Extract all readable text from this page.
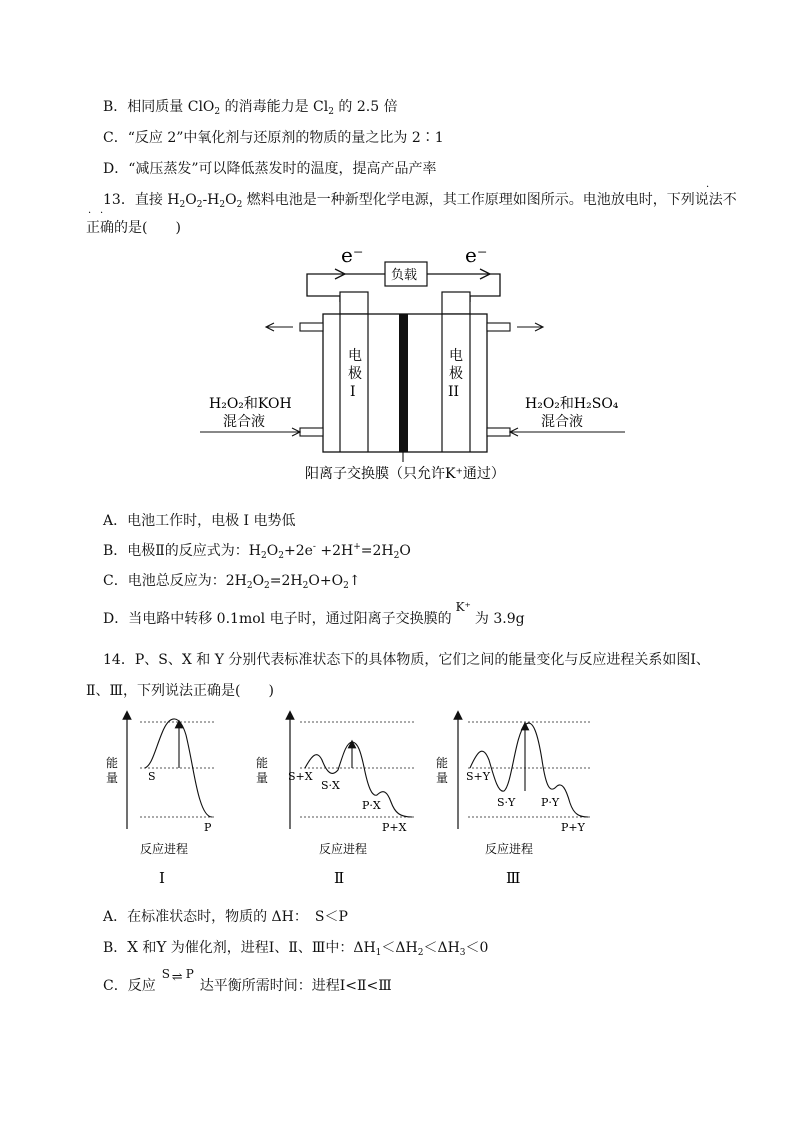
B．相同质量 ClO$_2$ 的消毒能力是 $Cl_2$ 的 2.5 倍
C．“反应 2”中氧化剂与还原剂的物质的量之比为 2∶1
D．“减压蒸发”可以降低蒸发时的温度，提高产品产率
13．直接 $H_2O_2-H_2O_2$ 燃料电池是一种新型化学电源，其工作原理如图所示。电池放电时，下列说法不
·
· ·
正确的是(　　)
e⁻	e⁻
负载
电
极
I
电
极
II
H₂O₂和KOH
混合液
H₂O₂和H₂SO₄
混合液
阳离子交换膜（只允许K⁺通过）
A．电池工作时，电极 I 电势低
B．电极Ⅱ的反应式为：$H_2O_2+2e^- +2H^+=2H_2O$
C．电池总反应为：$2H_2O_2=2H_2O+O_2↑$
D．当电路中转移 0.1mol 电子时，通过阳离子交换膜的K⁺为 3.9g
14．P、S、X 和 Y 分别代表标准状态下的具体物质，它们之间的能量变化与反应进程关系如图Ⅰ、
Ⅱ、Ⅲ，下列说法正确是(　　)
能
量	S
P
反应进程
Ⅰ
能
量 S+X
S·X
P·X
P+X
反应进程
Ⅱ
能
量 S+Y
S·Y P·Y
P+Y
反应进程
Ⅲ
A．在标准状态时，物质的 ΔH：　S＜P
B．X 和Y 为催化剂，进程Ⅰ、Ⅱ、Ⅲ中：$\Delta H_1<\Delta H_2<\Delta H_3<0$
C．反应
S ⇌ P
达平衡所需时间：进程Ⅰ<Ⅱ<Ⅲ
